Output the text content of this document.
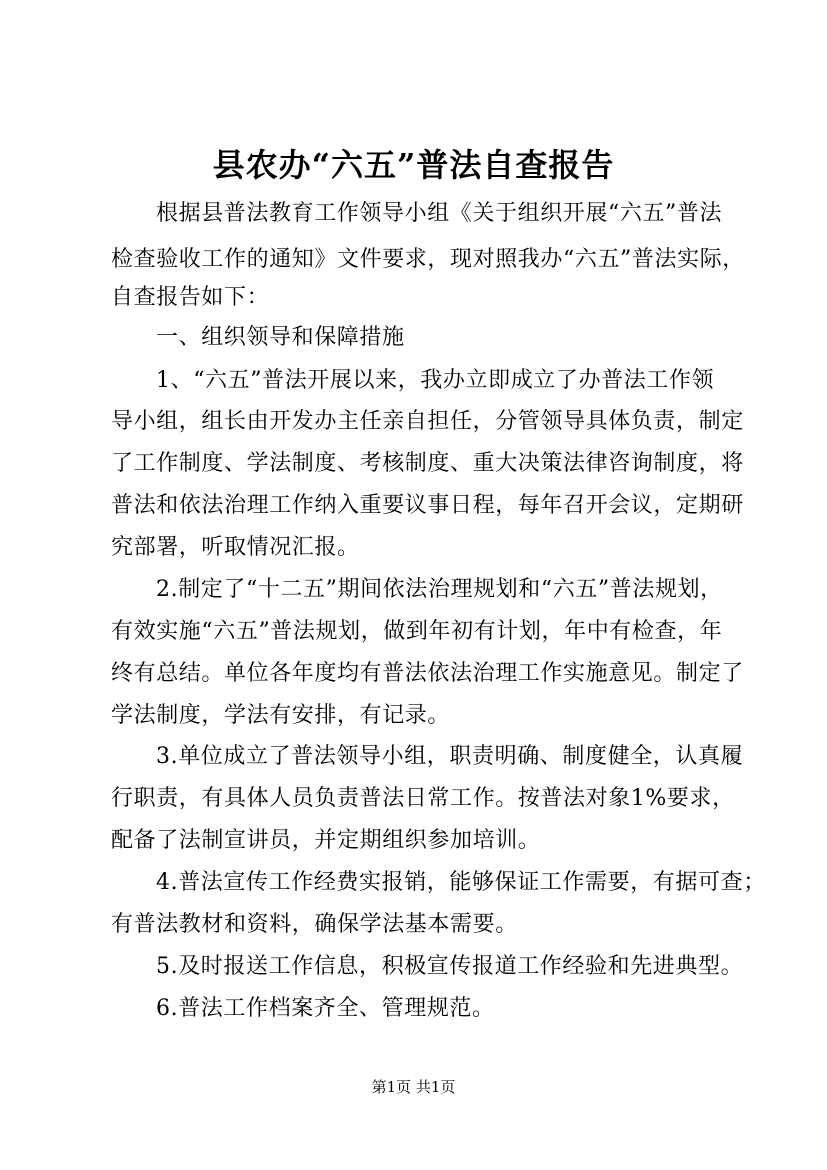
县农办“六五”普法自查报告
根据县普法教育工作领导小组《关于组织开展“六五”普法
检查验收工作的通知》文件要求，现对照我办“六五”普法实际，
自查报告如下：
一、组织领导和保障措施
1、“六五”普法开展以来，我办立即成立了办普法工作领
导小组，组长由开发办主任亲自担任，分管领导具体负责，制定
了工作制度、学法制度、考核制度、重大决策法律咨询制度，将
普法和依法治理工作纳入重要议事日程，每年召开会议，定期研
究部署，听取情况汇报。
2.制定了“十二五”期间依法治理规划和“六五”普法规划，
有效实施“六五”普法规划，做到年初有计划，年中有检查，年
终有总结。单位各年度均有普法依法治理工作实施意见。制定了
学法制度，学法有安排，有记录。
3.单位成立了普法领导小组，职责明确、制度健全，认真履
行职责，有具体人员负责普法日常工作。按普法对象1%要求，
配备了法制宣讲员，并定期组织参加培训。
4.普法宣传工作经费实报销，能够保证工作需要，有据可查；
有普法教材和资料，确保学法基本需要。
5.及时报送工作信息，积极宣传报道工作经验和先进典型。
6.普法工作档案齐全、管理规范。
第1页 共1页
